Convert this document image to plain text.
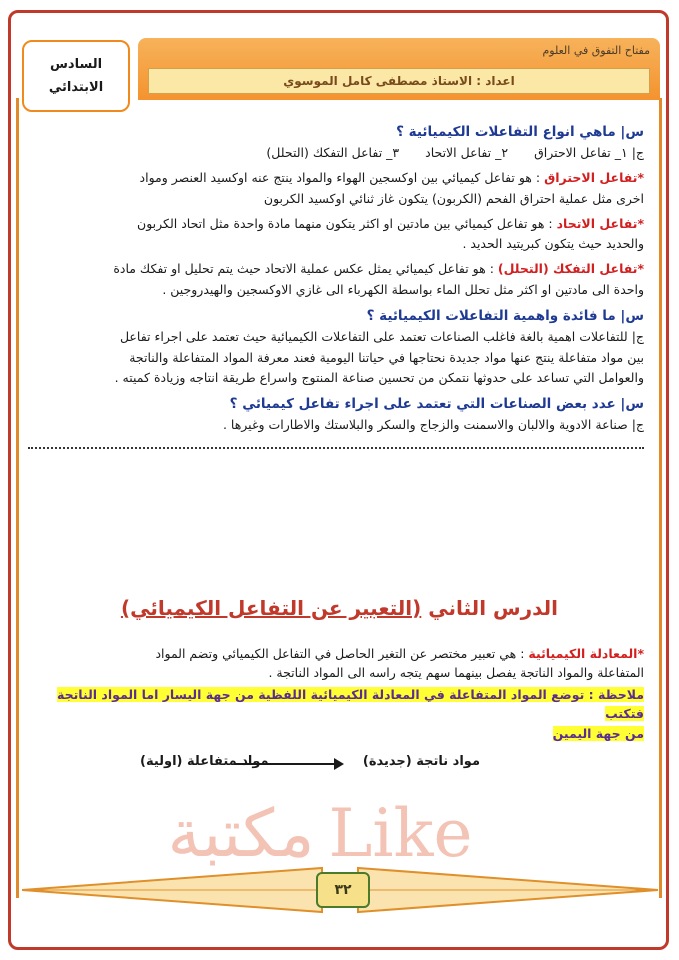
السادس
الابتدائي
مفتاح التفوق في العلوم
اعداد : الاستاذ مصطفى كامل الموسوي

س| ماهي انواع التفاعلات الكيميائية ؟

ج| ١_ تفاعل الاحتراق
٢_ تفاعل الاتحاد
٣_ تفاعل التفكك (التحلل)

*تفاعل الاحتراق : هو تفاعل كيميائي بين اوكسجين الهواء والمواد ينتج عنه اوكسيد العنصر ومواد

اخرى مثل عملية احتراق الفحم (الكربون) يتكون غاز ثنائي اوكسيد الكربون

*تفاعل الاتحاد : هو تفاعل كيميائي بين مادتين او اكثر يتكون منهما مادة واحدة مثل اتحاد الكربون

والحديد حيث يتكون كبريتيد الحديد .

*تفاعل التفكك (التحلل) : هو تفاعل كيميائي يمثل عكس عملية الاتحاد حيث يتم تحليل او تفكك مادة

واحدة الى مادتين او اكثر مثل تحلل الماء بواسطة الكهرباء الى غازي الاوكسجين والهيدروجين .

س| ما فائدة واهمية التفاعلات الكيميائية ؟

ج| للتفاعلات اهمية بالغة فاغلب الصناعات تعتمد على التفاعلات الكيميائية حيث تعتمد على اجراء تفاعل

بين مواد متفاعلة ينتج عنها مواد جديدة نحتاجها في حياتنا اليومية فعند معرفة المواد المتفاعلة والناتجة

والعوامل التي تساعد على حدوثها نتمكن من تحسين صناعة المنتوج واسراع طريقة انتاجه وزيادة كميته .

س| عدد بعض الصناعات التي تعتمد على اجراء تفاعل كيميائي ؟

ج| صناعة الادوية والالبان والاسمنت والزجاج والسكر والبلاستك والاطارات وغيرها .

الدرس الثاني (التعبير عن التفاعل الكيميائي)
*المعادلة الكيميائية : هي تعبير مختصر عن التغير الحاصل في التفاعل الكيميائي وتضم المواد
المتفاعلة والمواد الناتجة يفصل بينهما سهم يتجه راسه الى المواد الناتجة .
ملاحظة : توضع المواد المتفاعلة في المعادلة الكيميائية اللفظية من جهة اليسار اما المواد الناتجة فتكتب
من جهة اليمين
مواد ناتجة (جديدة)
مواد متفاعلة (اولية)
Like
مكتبة
٣٢
